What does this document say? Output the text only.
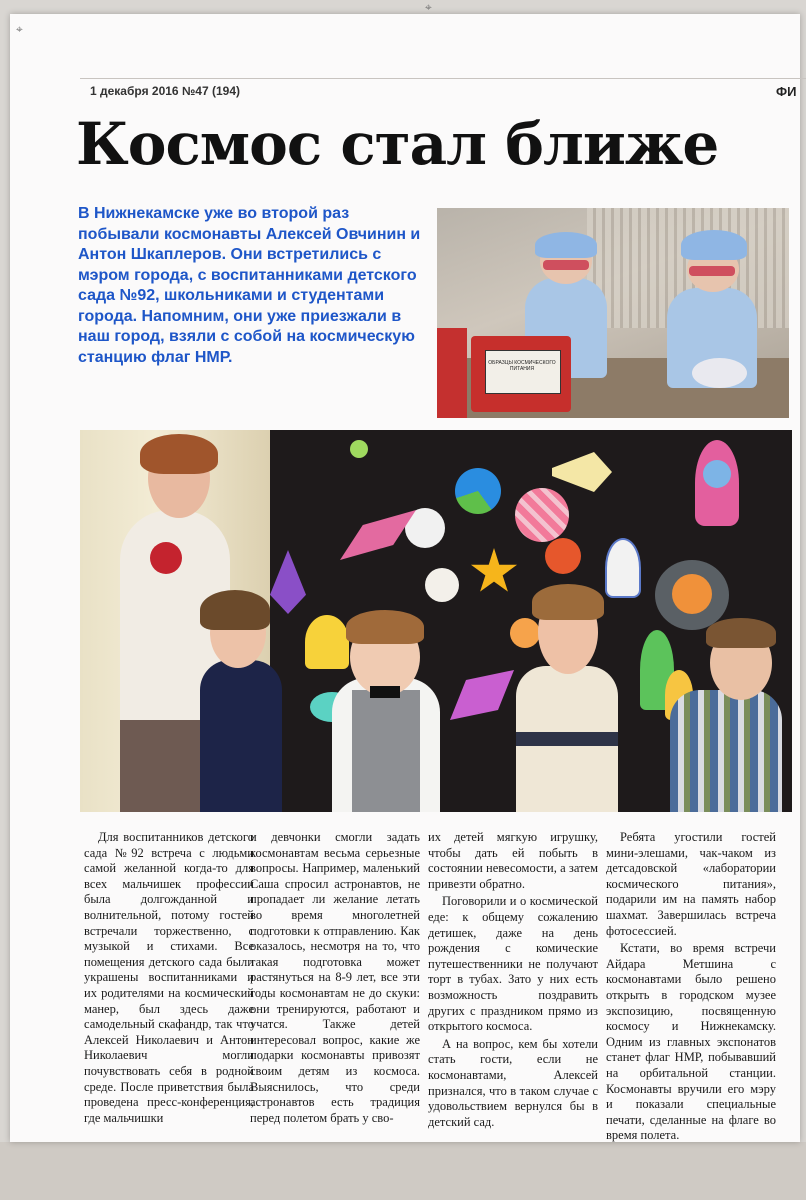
⌖
⌖
1 декабря 2016 №47 (194)	ФИ
Космос стал ближе
В Нижнекамске уже во второй раз побывали космонавты Алексей Овчинин и Антон Шкаплеров. Они встретились с мэром города, с воспитанниками детского сада №92, школьниками и студентами города. Напомним, они уже приезжали в наш город, взяли с собой на космическую станцию флаг НМР.	ОБРАЗЦЫ КОСМИЧЕСКОГО ПИТАНИЯ

Для воспитанников детского сада №92 встреча с людьми самой желанной когда-то для всех мальчишек профессии была долгожданной и волнительной, потому гостей встречали торжественно, с музыкой и стихами. Все помещения детского сада были украшены воспитанниками и их родителями на космический манер, был здесь даже самодельный скафандр, так что Алексей Николаевич и Антон Николаевич могли почувствовать себя в родной среде. После приветствия была проведена пресс-конференция, где мальчишки

и девчонки смогли задать космонавтам весьма серьезные вопросы. Например, маленький Саша спросил астронавтов, не пропадает ли желание летать во время многолетней подготовки к отправлению. Как оказалось, несмотря на то, что такая подготовка может растянуться на 8-9 лет, все эти годы космонавтам не до скуки: они тренируются, работают и учатся. Также детей интересовал вопрос, какие же подарки космонавты привозят своим детям из космоса. Выяснилось, что среди астронавтов есть традиция перед полетом брать у сво-

их детей мягкую игрушку, чтобы дать ей побыть в состоянии невесомости, а затем привезти обратно.

Поговорили и о космической еде: к общему сожалению детишек, даже на день рождения с комические путешественники не получают торт в тубах. Зато у них есть возможность поздравить других с праздником прямо из открытого космоса.

А на вопрос, кем бы хотели стать гости, если не космонавтами, Алексей признался, что в таком случае с удовольствием вернулся бы в детский сад.

Ребята угостили гостей мини-элешами, чак-чаком из детсадовской «лаборатории космического питания», подарили им на память набор шахмат. Завершилась встреча фотосессией.

Кстати, во время встречи Айдара Метшина с космонавтами было решено открыть в городском музее экспозицию, посвященную космосу и Нижнекамску. Одним из главных экспонатов станет флаг НМР, побывавший на орбитальной станции. Космонавты вручили его мэру и показали специальные печати, сделанные на флаге во время полета.
